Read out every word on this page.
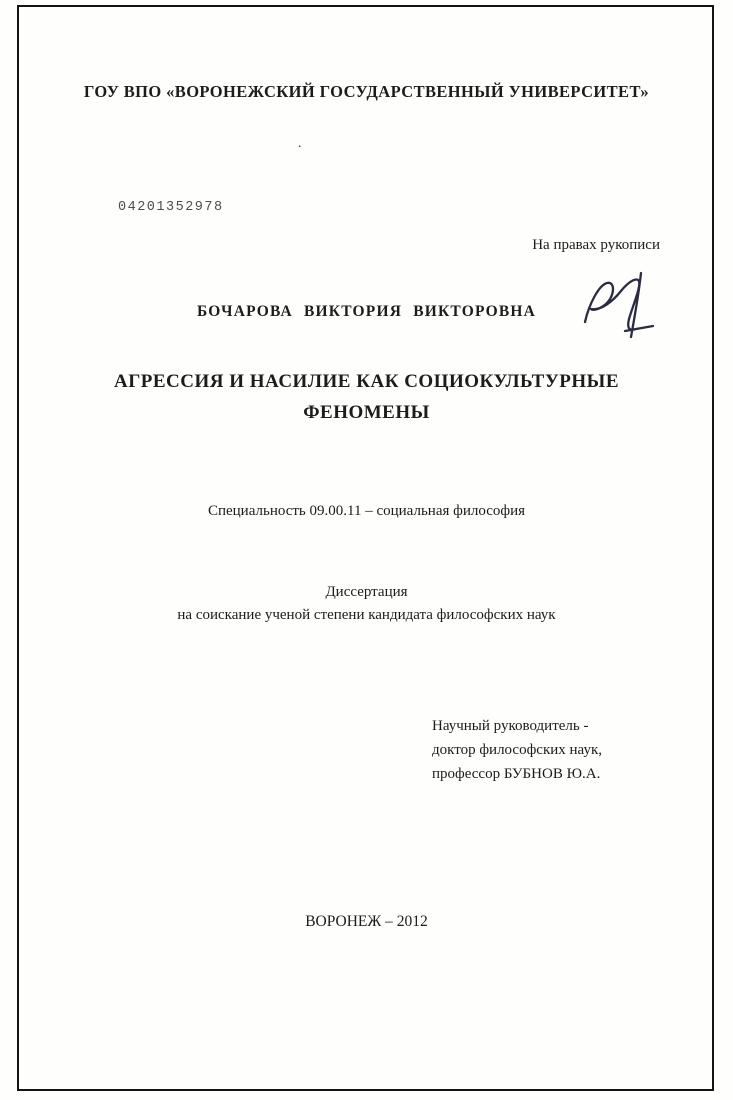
ГОУ ВПО «ВОРОНЕЖСКИЙ ГОСУДАРСТВЕННЫЙ УНИВЕРСИТЕТ»
.
04201352978
На правах рукописи
БОЧАРОВА ВИКТОРИЯ ВИКТОРОВНА
АГРЕССИЯ И НАСИЛИЕ КАК СОЦИОКУЛЬТУРНЫЕ
ФЕНОМЕНЫ
Специальность 09.00.11 – социальная философия
Диссертация
на соискание ученой степени кандидата философских наук
Научный руководитель -
доктор философских наук,
профессор БУБНОВ Ю.А.
ВОРОНЕЖ – 2012
